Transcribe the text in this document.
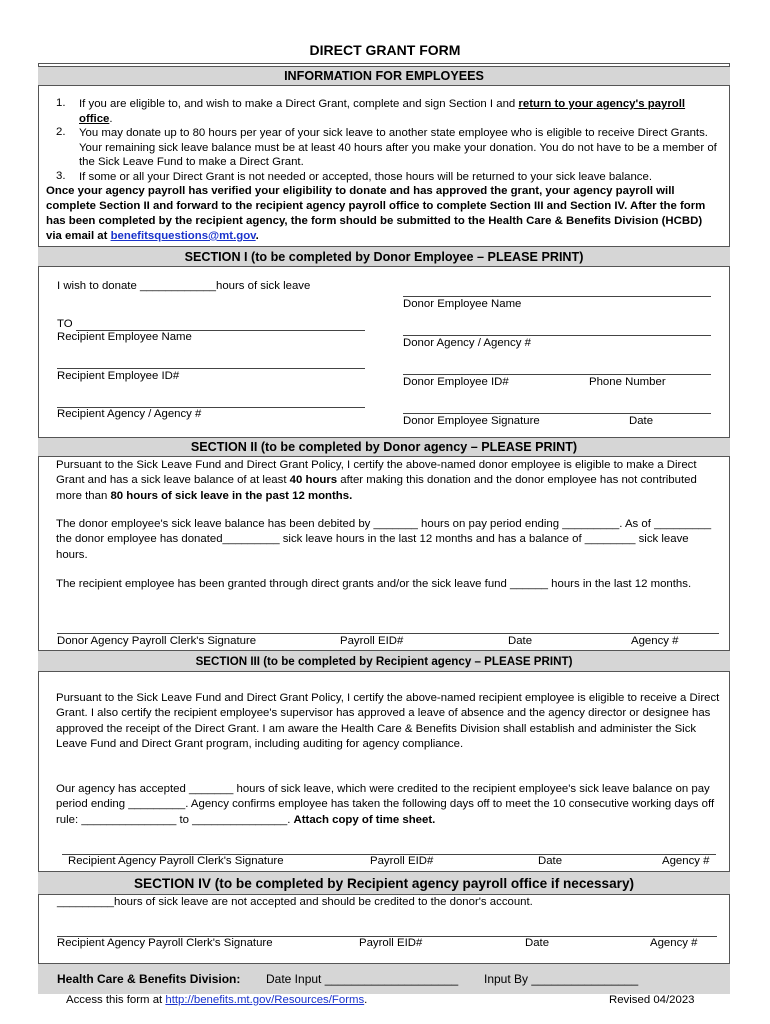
DIRECT GRANT FORM
INFORMATION FOR EMPLOYEES
1. If you are eligible to, and wish to make a Direct Grant, complete and sign Section I and return to your agency's payroll office.
2. You may donate up to 80 hours per year of your sick leave to another state employee who is eligible to receive Direct Grants. Your remaining sick leave balance must be at least 40 hours after you make your donation. You do not have to be a member of the Sick Leave Fund to make a Direct Grant.
3. If some or all your Direct Grant is not needed or accepted, those hours will be returned to your sick leave balance.
Once your agency payroll has verified your eligibility to donate and has approved the grant, your agency payroll will complete Section II and forward to the recipient agency payroll office to complete Section III and Section IV. After the form has been completed by the recipient agency, the form should be submitted to the Health Care & Benefits Division (HCBD) via email at benefitsquestions@mt.gov.
SECTION I (to be completed by Donor Employee – PLEASE PRINT)
I wish to donate ____________hours of sick leave
TO
Recipient Employee Name
Recipient Employee ID#
Recipient Agency / Agency #
Donor Employee Name
Donor Agency / Agency #
Donor Employee ID#	Phone Number
Donor Employee Signature	Date
SECTION II (to be completed by Donor agency – PLEASE PRINT)
Pursuant to the Sick Leave Fund and Direct Grant Policy, I certify the above-named donor employee is eligible to make a Direct Grant and has a sick leave balance of at least 40 hours after making this donation and the donor employee has not contributed more than 80 hours of sick leave in the past 12 months.
The donor employee's sick leave balance has been debited by _______ hours on pay period ending _________. As of _________ the donor employee has donated_________ sick leave hours in the last 12 months and has a balance of ________ sick leave hours.
The recipient employee has been granted through direct grants and/or the sick leave fund ______ hours in the last 12 months.
Donor Agency Payroll Clerk's Signature	Payroll EID#	Date	Agency #
SECTION III (to be completed by Recipient agency – PLEASE PRINT)
Pursuant to the Sick Leave Fund and Direct Grant Policy, I certify the above-named recipient employee is eligible to receive a Direct Grant. I also certify the recipient employee's supervisor has approved a leave of absence and the agency director or designee has approved the receipt of the Direct Grant. I am aware the Health Care & Benefits Division shall establish and administer the Sick Leave Fund and Direct Grant program, including auditing for agency compliance.
Our agency has accepted _______ hours of sick leave, which were credited to the recipient employee's sick leave balance on pay period ending _________. Agency confirms employee has taken the following days off to meet the 10 consecutive working days off rule: _______________ to _______________. Attach copy of time sheet.
Recipient Agency Payroll Clerk's Signature	Payroll EID#	Date	Agency #
SECTION IV (to be completed by Recipient agency payroll office if necessary)
_________hours of sick leave are not accepted and should be credited to the donor's account.
Recipient Agency Payroll Clerk's Signature	Payroll EID#	Date	Agency #
Health Care & Benefits Division: Date Input ____________________ Input By ________________
Access this form at http://benefits.mt.gov/Resources/Forms.	Revised 04/2023
